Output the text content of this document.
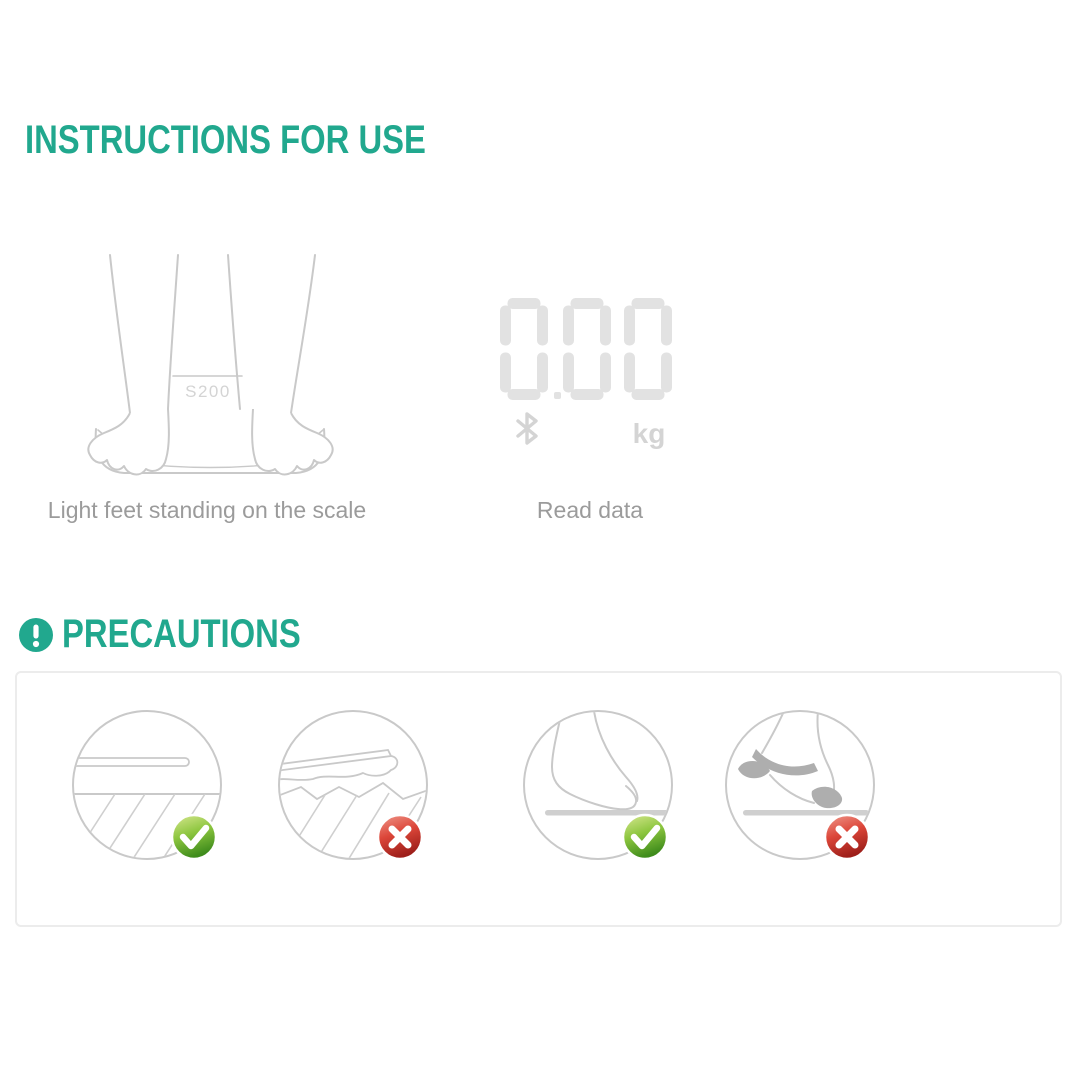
INSTRUCTIONS FOR USE
S200
kg
Light feet standing on the scale	Read data
PRECAUTIONS
